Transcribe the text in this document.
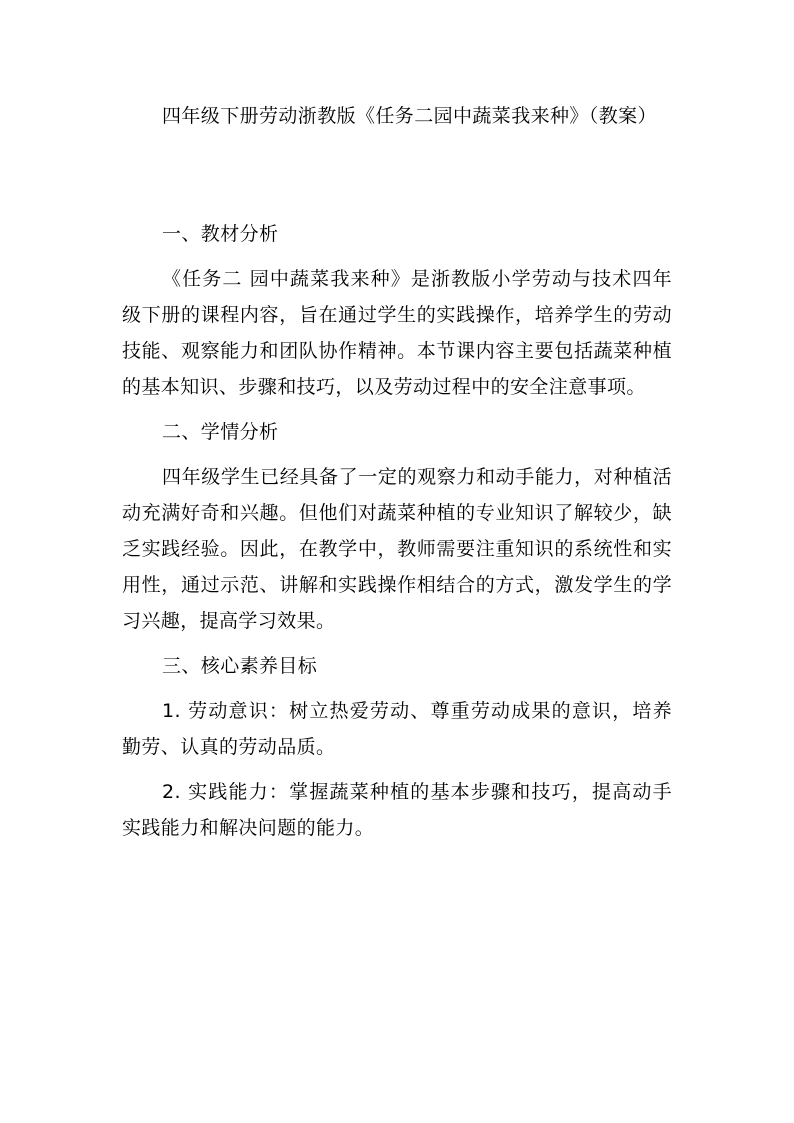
四年级下册劳动浙教版《任务二园中蔬菜我来种》（教案）

一、教材分析

《任务二 园中蔬菜我来种》是浙教版小学劳动与技术四年级下册的课程内容，旨在通过学生的实践操作，培养学生的劳动技能、观察能力和团队协作精神。本节课内容主要包括蔬菜种植的基本知识、步骤和技巧，以及劳动过程中的安全注意事项。

二、学情分析

四年级学生已经具备了一定的观察力和动手能力，对种植活动充满好奇和兴趣。但他们对蔬菜种植的专业知识了解较少，缺乏实践经验。因此，在教学中，教师需要注重知识的系统性和实用性，通过示范、讲解和实践操作相结合的方式，激发学生的学习兴趣，提高学习效果。

三、核心素养目标

1. 劳动意识：树立热爱劳动、尊重劳动成果的意识，培养勤劳、认真的劳动品质。

2. 实践能力：掌握蔬菜种植的基本步骤和技巧，提高动手实践能力和解决问题的能力。
